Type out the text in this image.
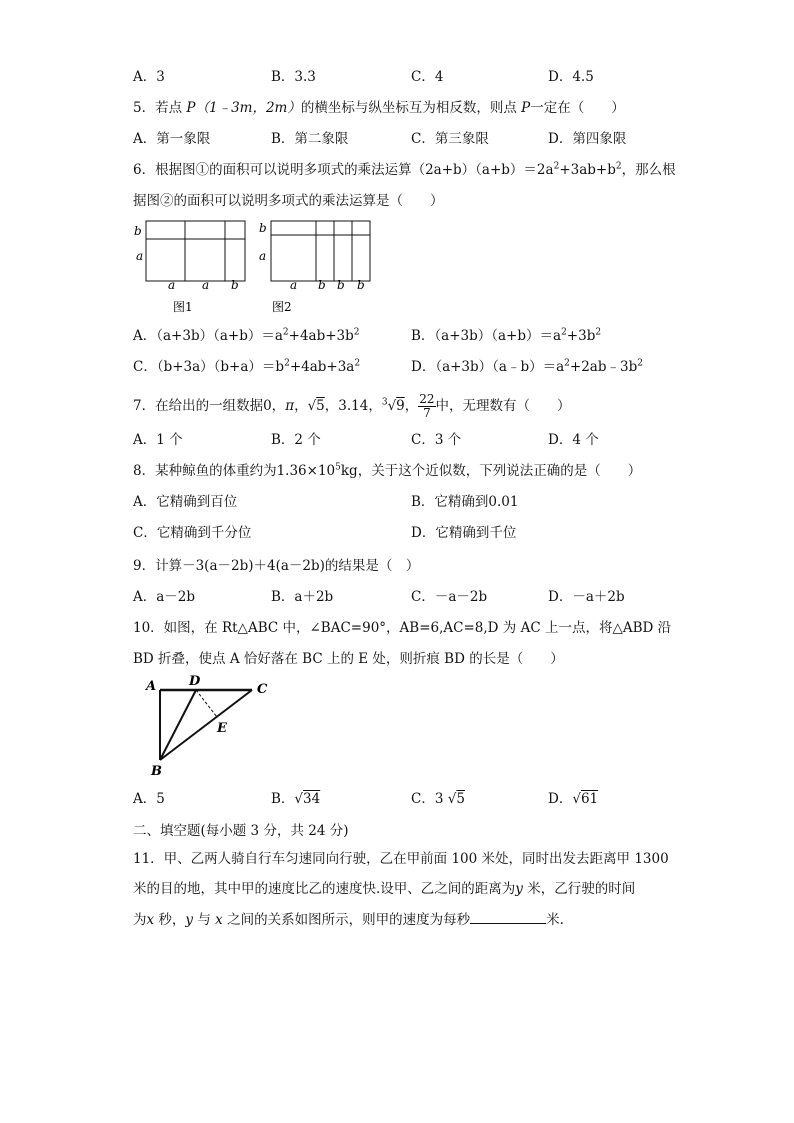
A．3	B．3.3	C．4	D．4.5
5．若点 P（1﹣3m，2m）的横坐标与纵坐标互为相反数，则点 P一定在（　　）
A．第一象限	B．第二象限	C．第三象限	D．第四象限
6．根据图①的面积可以说明多项式的乘法运算$(2a+b)(a+b)=2a^2+3ab+b^2$，那么根
据图②的面积可以说明多项式的乘法运算是（　　）
b
a
a a b
图1
b
a
a b b b
图2
A．$(a+3b)(a+b)=a^2+4ab+3b^2$	B．$(a+3b)(a+b)=a^2+3b^2$
C．$(b+3a)(b+a)=b^2+4ab+3a^2$	D．$(a+3b)(a﹣b)=a^2+2ab﹣3b^2$
7．在给出的一组数据0，π，√5，3.14，$^3$√9， $\frac{22}{7}$ 中，无理数有（　　）
A．1 个	B．2 个	C．3 个	D．4 个
8．某种鲸鱼的体重约为$1.36\times 10^5kg$，关于这个近似数，下列说法正确的是（　　）
A．它精确到百位	B．它精确到0.01
C．它精确到千分位	D．它精确到千位
9．计算－3(a－2b)＋4(a－2b)的结果是（　）
A．a－2b	B．a＋2b	C．－a－2b	D．－a＋2b
10．如图，在 Rt△ABC 中，∠BAC=90°，AB=6,AC=8,D 为 AC 上一点，将△ABD 沿
BD 折叠，使点 A 恰好落在 BC 上的 E 处，则折痕 BD 的长是（　　）
A	D
C
E
B
A．5	B．√34	C．3 √5	D．√61
二、填空题(每小题 3 分，共 24 分)
11．甲、乙两人骑自行车匀速同向行驶，乙在甲前面 100 米处，同时出发去距离甲 1300
米的目的地，其中甲的速度比乙的速度快.设甲、乙之间的距离为y 米，乙行驶的时间
为x 秒，y 与 x 之间的关系如图所示，则甲的速度为每秒	米.
